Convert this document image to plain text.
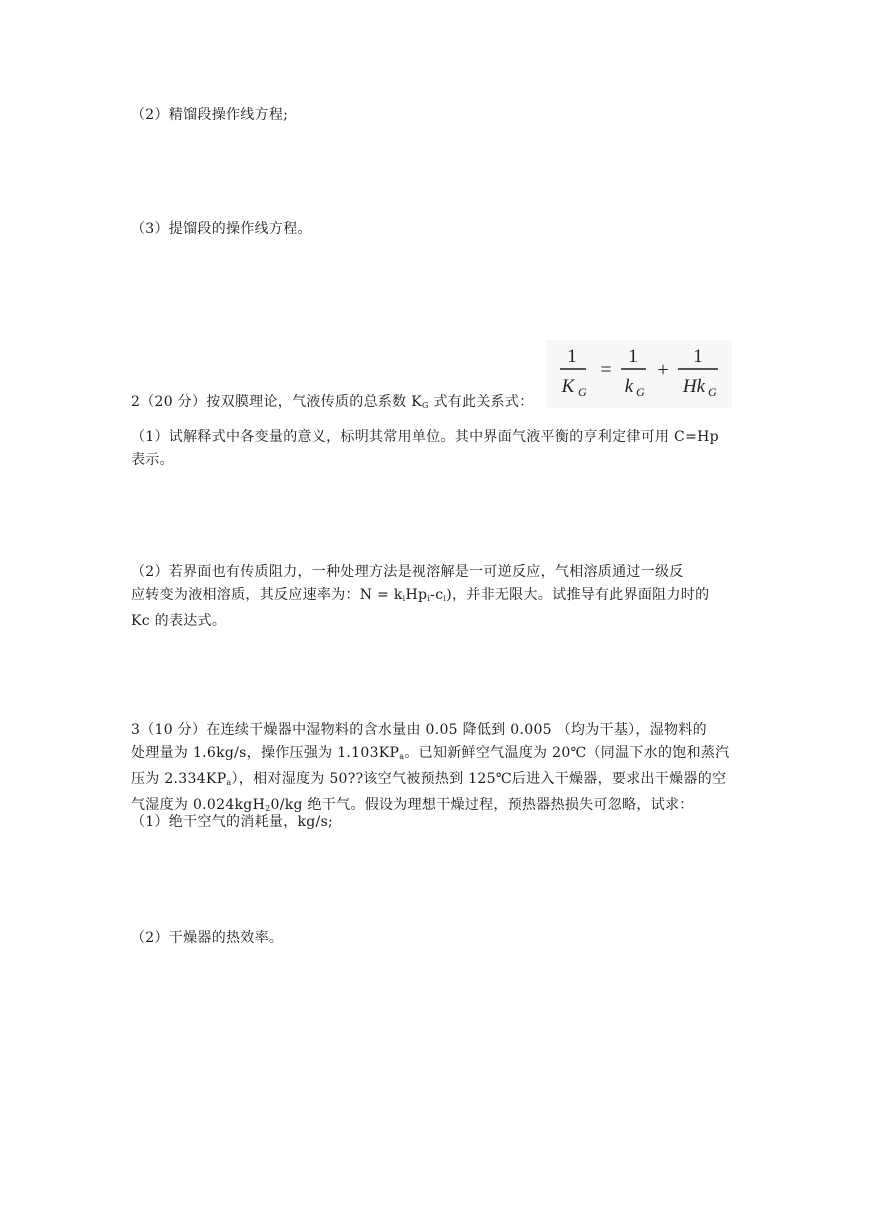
（2）精馏段操作线方程;
（3）提馏段的操作线方程。
1
K G
=
1
k G
+
1
Hk G
2（20 分）按双膜理论，气液传质的总系数 $K_G$ 式有此关系式：
（1）试解释式中各变量的意义，标明其常用单位。其中界面气液平衡的亨利定律可用 C=Hp
表示。
（2）若界面也有传质阻力，一种处理方法是视溶解是一可逆反应，气相溶质通过一级反
应转变为液相溶质，其反应速率为：$N = k_iHp_i-c_i$)，并非无限大。试推导有此界面阻力时的
Kc 的表达式。
3（10 分）在连续干燥器中湿物料的含水量由 0.05 降低到 0.005 （均为干基），湿物料的
处理量为 1.6kg/s，操作压强为 $1.103KP_a$。已知新鲜空气温度为 20℃（同温下水的饱和蒸汽
压为 $2.334KP_a$），相对湿度为 50??该空气被预热到 125℃后进入干燥器，要求出干燥器的空
气湿度为 0.024kgH$_2$0/kg 绝干气。假设为理想干燥过程，预热器热损失可忽略，试求：
（1）绝干空气的消耗量，kg/s;
（2）干燥器的热效率。
